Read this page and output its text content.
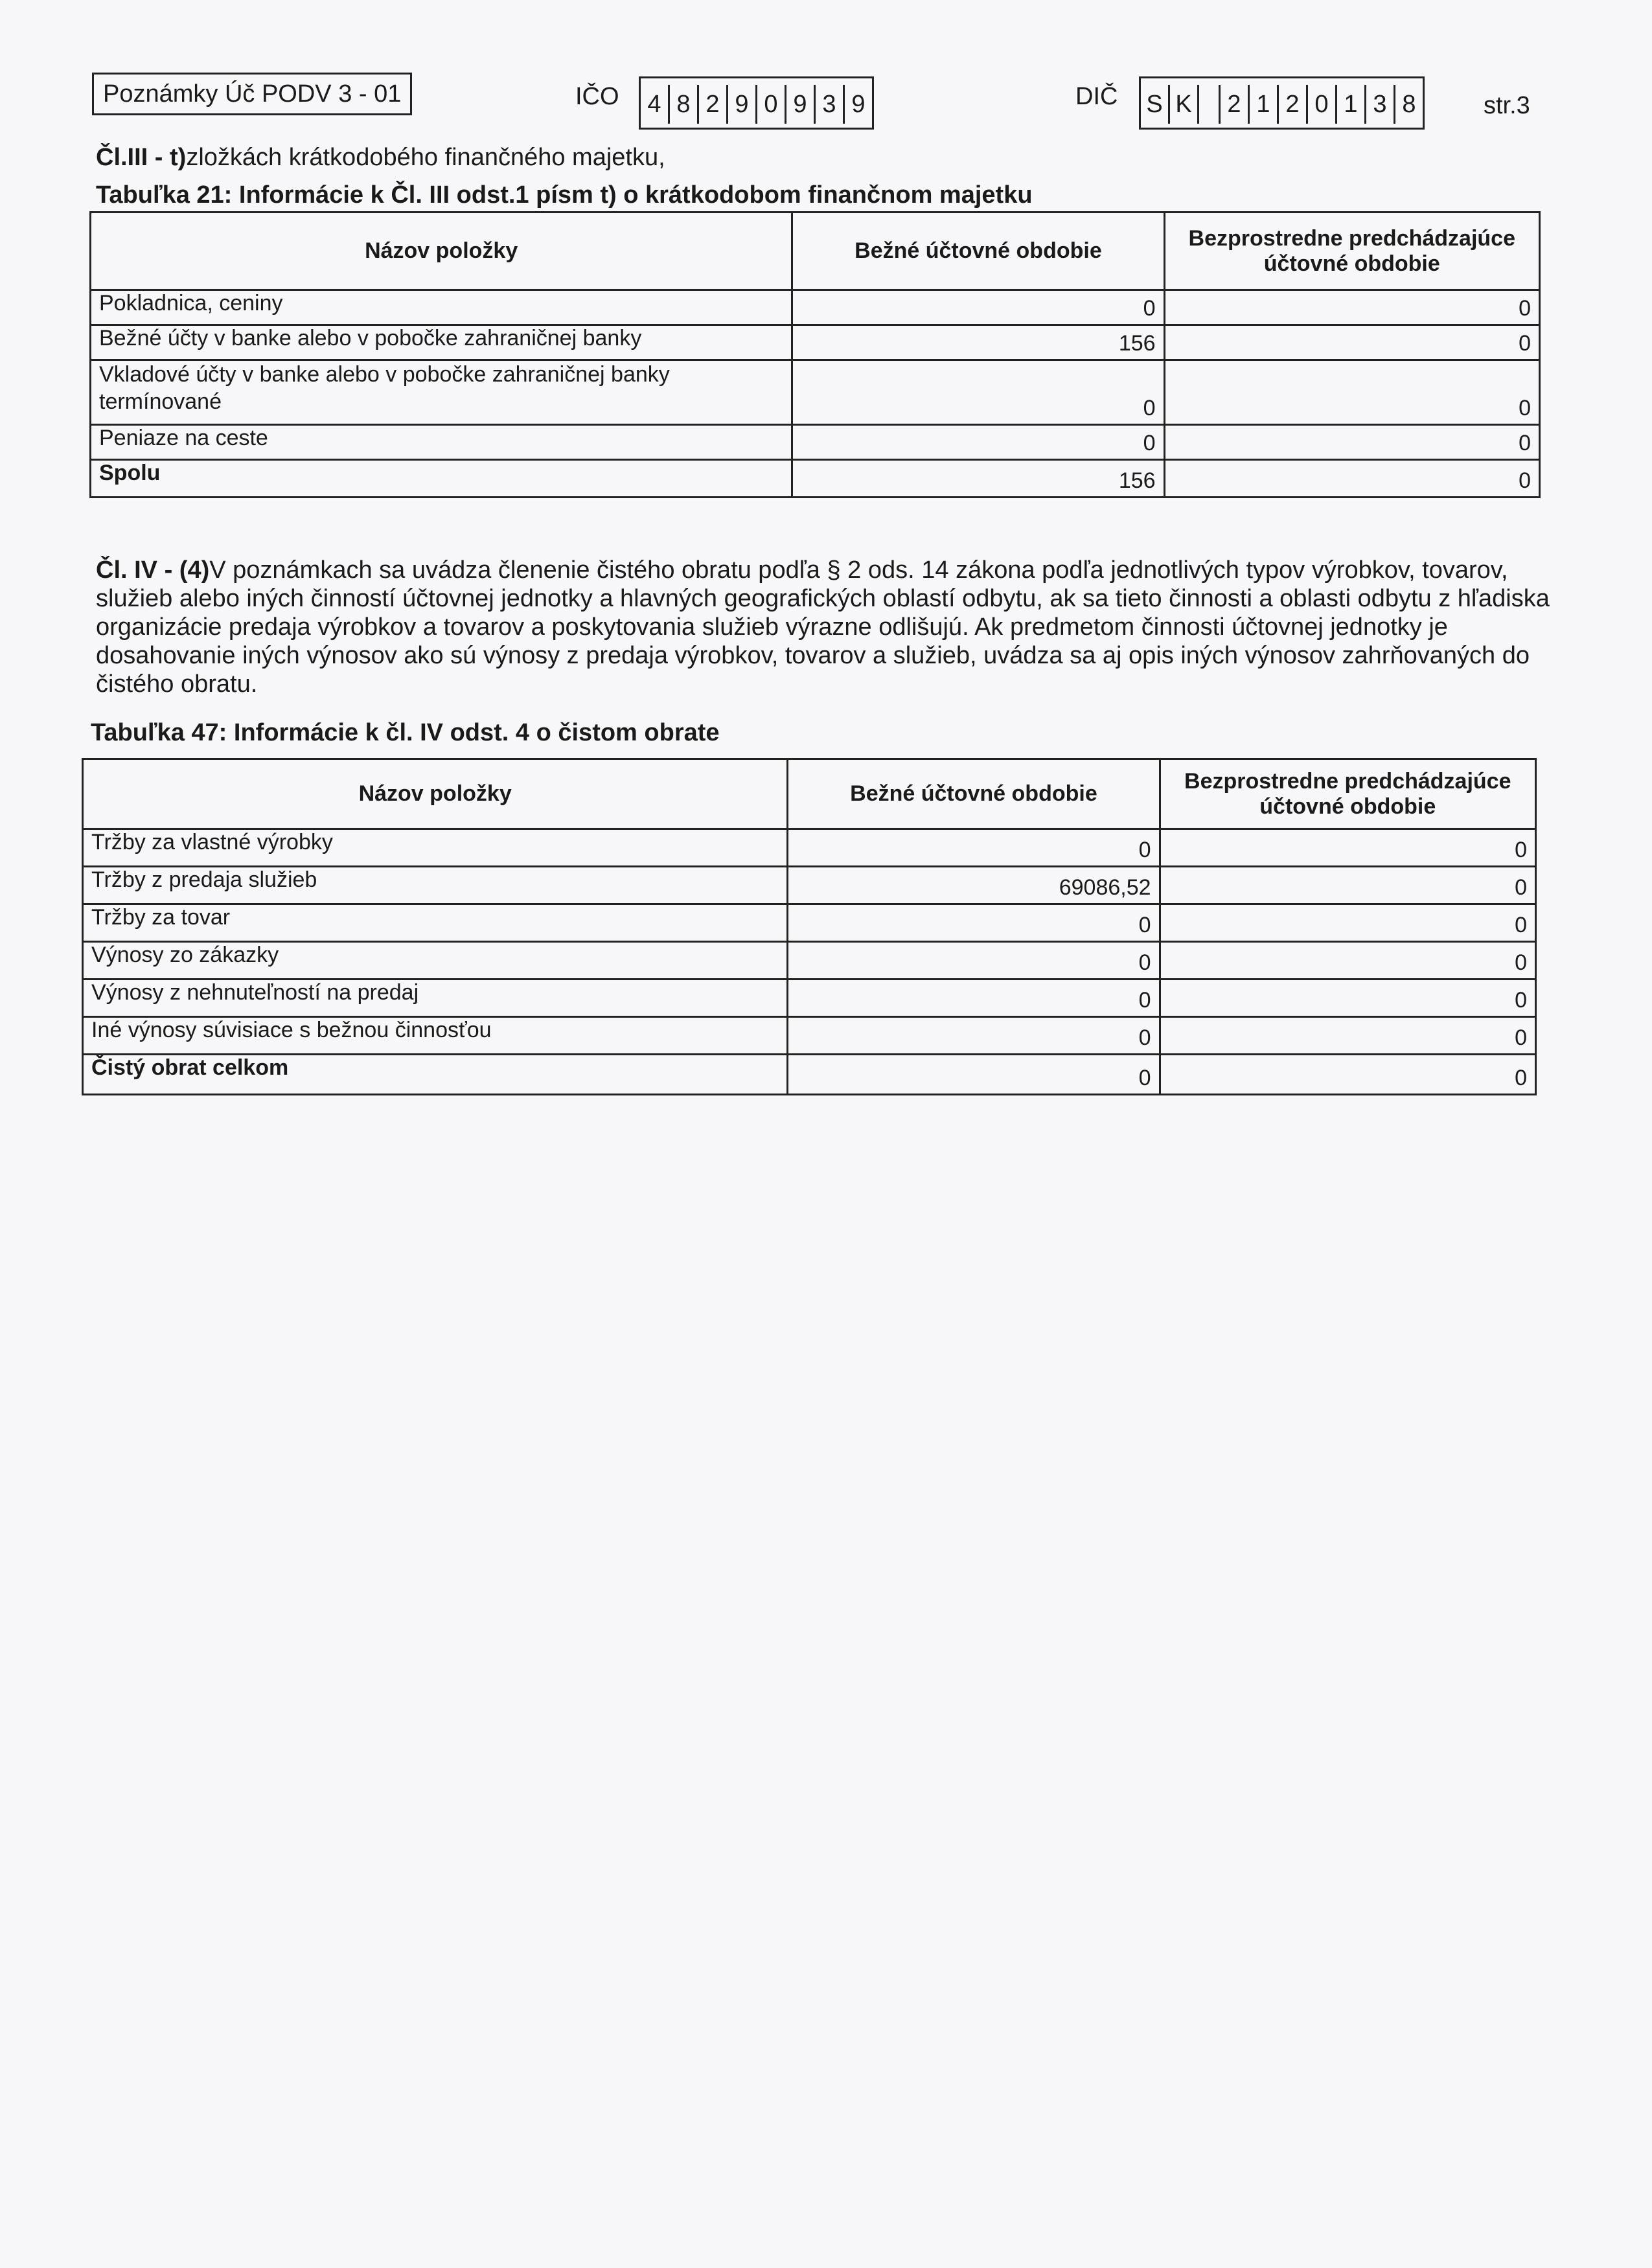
Poznámky Úč PODV 3 - 01	IČO 4 8 2 9 0 9 3 9	DIČ S K	2 1 2 0 1 3 8	str.3
Čl.III - t)zložkách krátkodobého finančného majetku,
Tabuľka 21: Informácie k Čl. III odst.1 písm t) o krátkodobom finančnom majetku
Názov položky	Bežné účtovné obdobie	Bezprostredne predchádzajúce účtovné obdobie
Pokladnica, ceniny	0	0
Bežné účty v banke alebo v pobočke zahraničnej banky	156	0
Vkladové účty v banke alebo v pobočke zahraničnej banky termínované	0	0
Peniaze na ceste	0	0
Spolu	156	0
Čl. IV - (4)V poznámkach sa uvádza členenie čistého obratu podľa § 2 ods. 14 zákona podľa jednotlivých typov výrobkov, tovarov, služieb alebo iných činností účtovnej jednotky a hlavných geografických oblastí odbytu, ak sa tieto činnosti a oblasti odbytu z hľadiska organizácie predaja výrobkov a tovarov a poskytovania služieb výrazne odlišujú. Ak predmetom činnosti účtovnej jednotky je dosahovanie iných výnosov ako sú výnosy z predaja výrobkov, tovarov a služieb, uvádza sa aj opis iných výnosov zahrňovaných do čistého obratu.
Tabuľka 47: Informácie k čl. IV odst. 4 o čistom obrate
Názov položky	Bežné účtovné obdobie	Bezprostredne predchádzajúce účtovné obdobie
Tržby za vlastné výrobky	0	0
Tržby z predaja služieb	69086,52	0
Tržby za tovar	0	0
Výnosy zo zákazky	0	0
Výnosy z nehnuteľností na predaj	0	0
Iné výnosy súvisiace s bežnou činnosťou	0	0
Čistý obrat celkom	0	0
